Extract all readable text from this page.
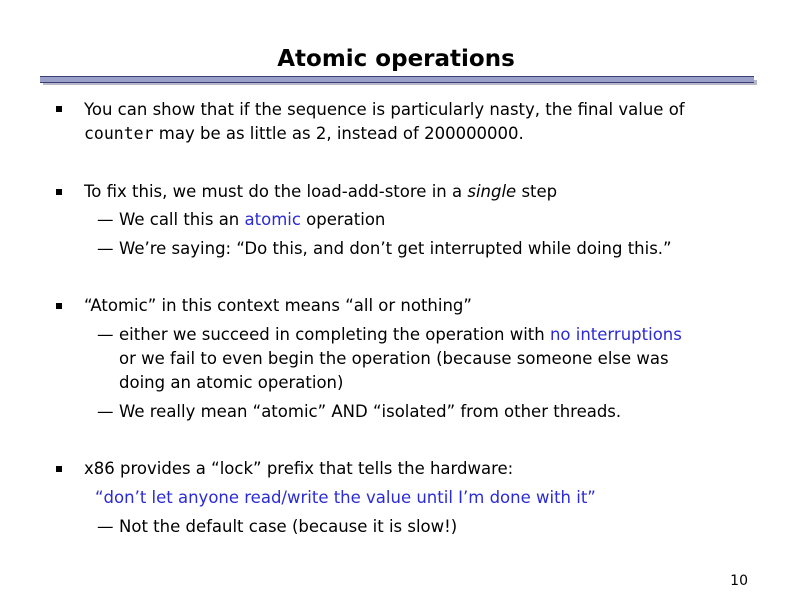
Atomic operations
You can show that if the sequence is particularly nasty, the final value of
counter may be as little as 2, instead of 200000000.
To fix this, we must do the load-add-store in a single step
— We call this an atomic operation
— We’re saying: “Do this, and don’t get interrupted while doing this.”
“Atomic” in this context means “all or nothing”
— either we succeed in completing the operation with no interruptions
or we fail to even begin the operation (because someone else was
doing an atomic operation)
— We really mean “atomic” AND “isolated” from other threads.
x86 provides a “lock” prefix that tells the hardware:
“don’t let anyone read/write the value until I’m done with it”
— Not the default case (because it is slow!)
10
